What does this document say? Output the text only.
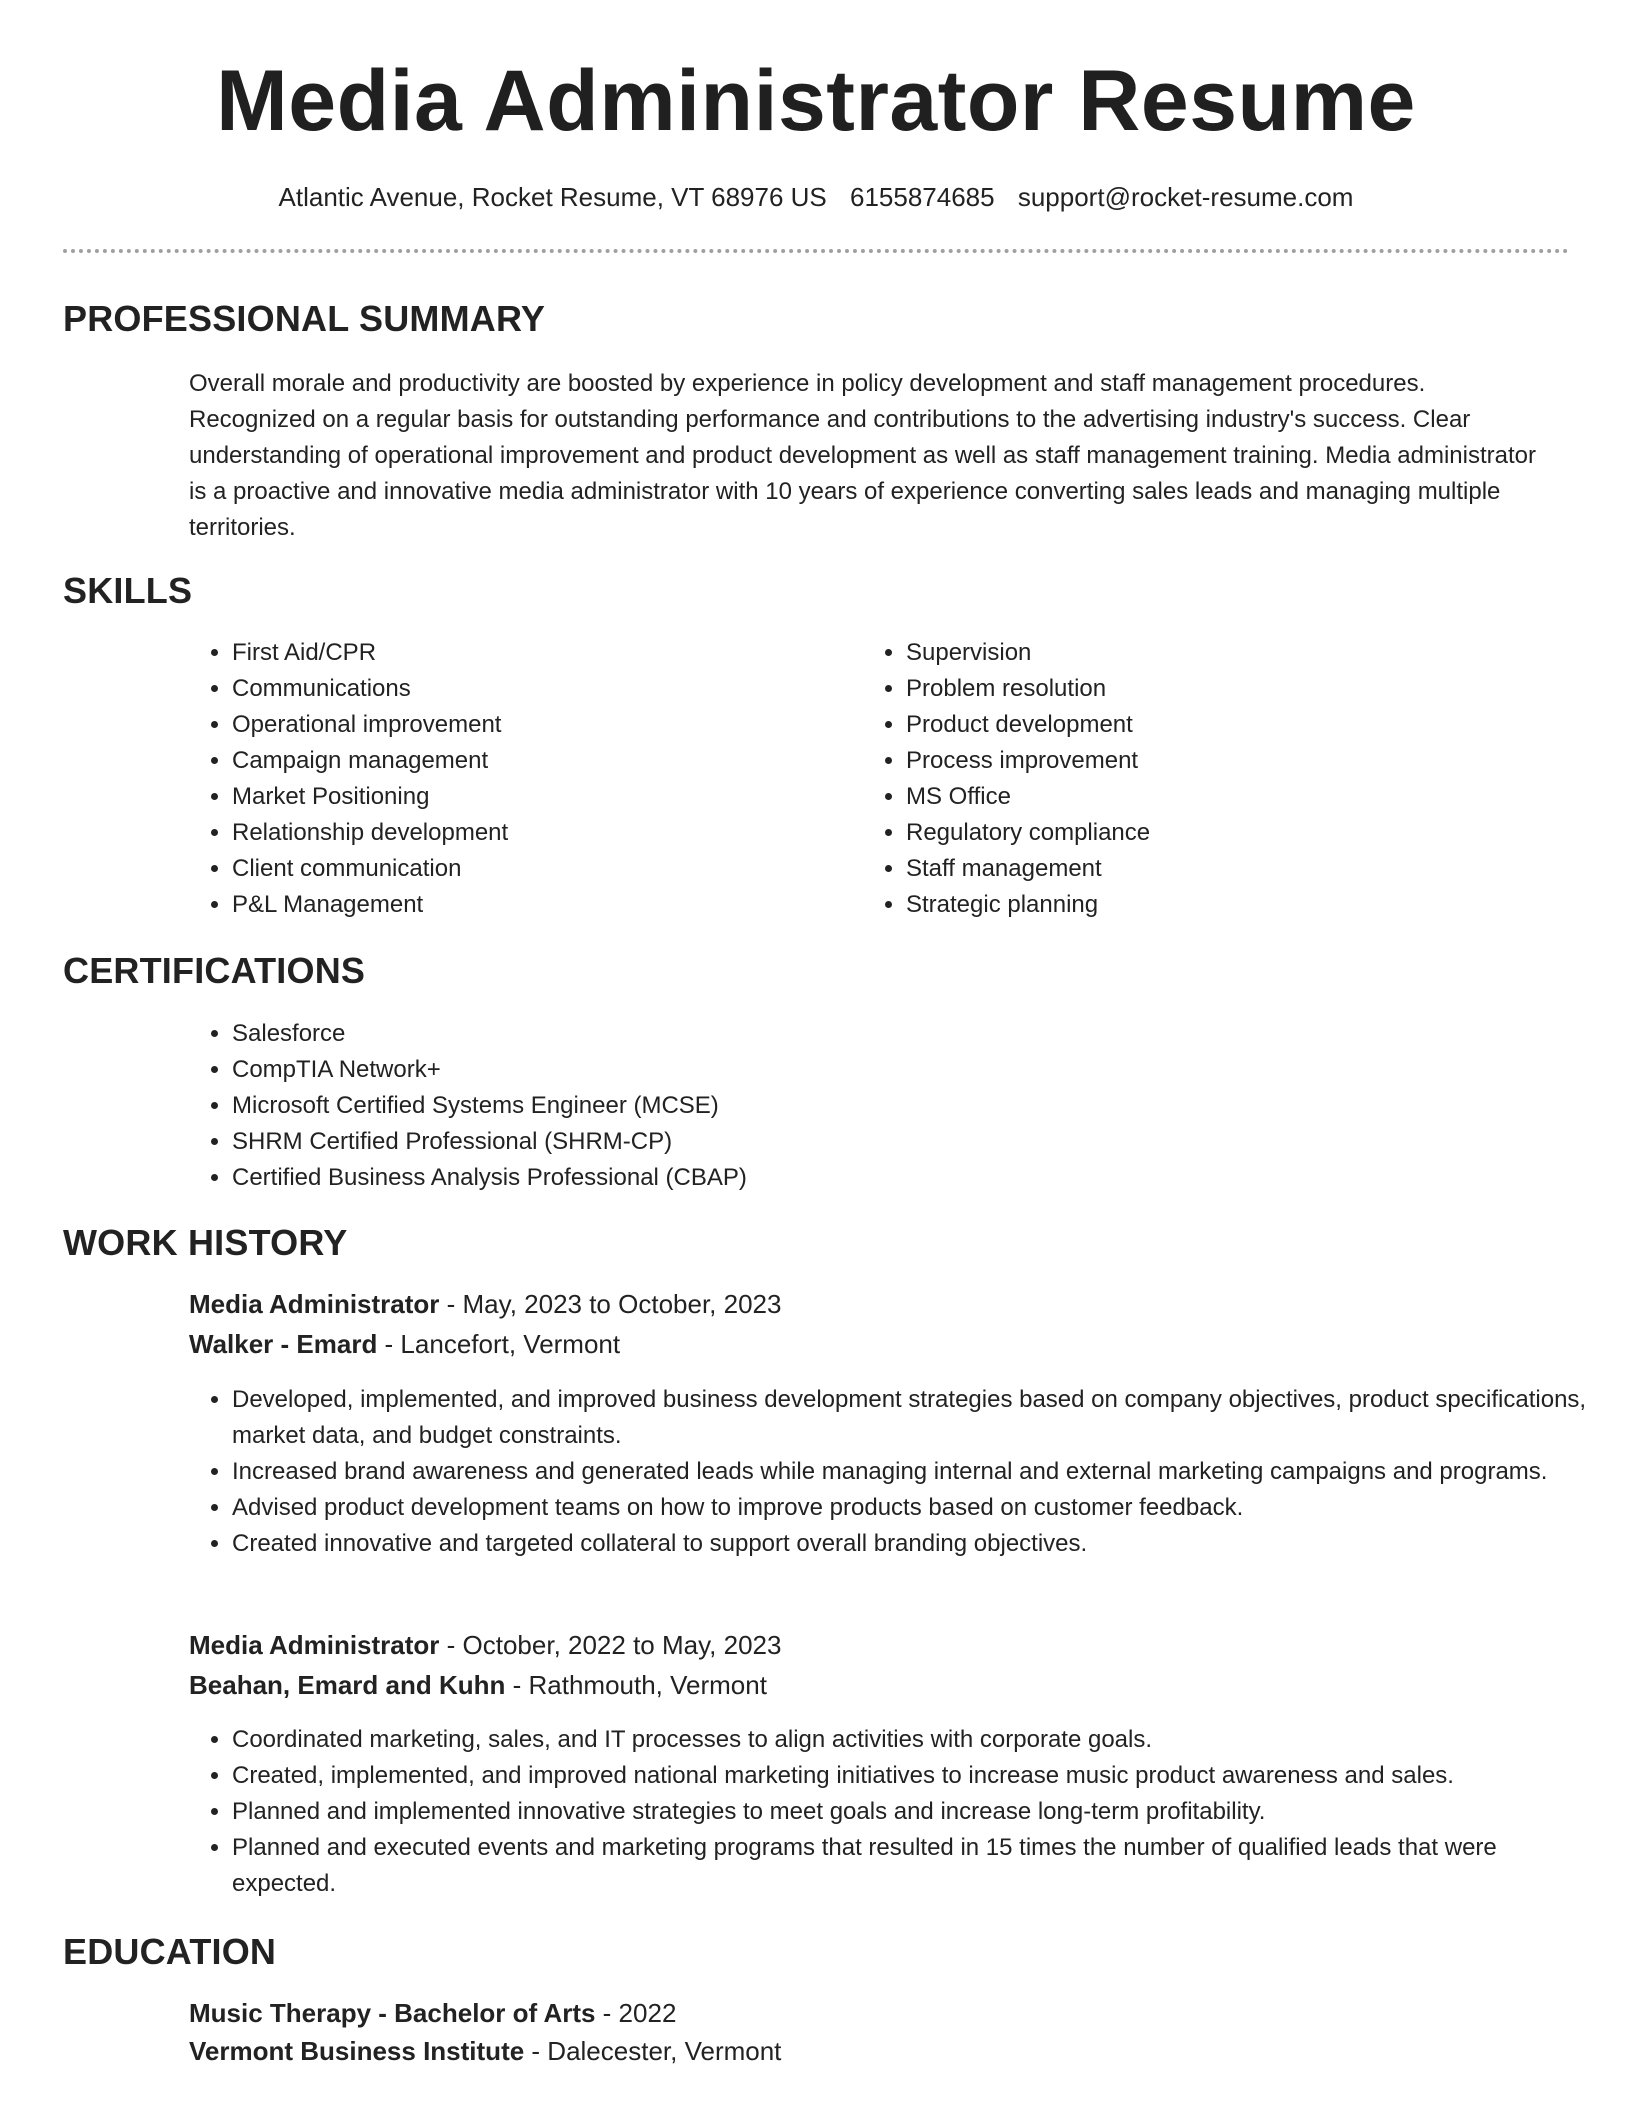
Media Administrator Resume
Atlantic Avenue, Rocket Resume, VT 68976 US 6155874685 support@rocket-resume.com
PROFESSIONAL SUMMARY

Overall morale and productivity are boosted by experience in policy development and staff management procedures. Recognized on a regular basis for outstanding performance and contributions to the advertising industry's success. Clear understanding of operational improvement and product development as well as staff management training. Media administrator is a proactive and innovative media administrator with 10 years of experience converting sales leads and managing multiple territories.

SKILLS
• First Aid/CPR
• Communications
• Operational improvement
• Campaign management
• Market Positioning
• Relationship development
• Client communication
• P&L Management
• Supervision
• Problem resolution
• Product development
• Process improvement
• MS Office
• Regulatory compliance
• Staff management
• Strategic planning
CERTIFICATIONS
• Salesforce
• CompTIA Network+
• Microsoft Certified Systems Engineer (MCSE)
• SHRM Certified Professional (SHRM-CP)
• Certified Business Analysis Professional (CBAP)
WORK HISTORY
Media Administrator - May, 2023 to October, 2023
Walker - Emard - Lancefort, Vermont
• Developed, implemented, and improved business development strategies based on company objectives, product specifications, market data, and budget constraints.
• Increased brand awareness and generated leads while managing internal and external marketing campaigns and programs.
• Advised product development teams on how to improve products based on customer feedback.
• Created innovative and targeted collateral to support overall branding objectives.
Media Administrator - October, 2022 to May, 2023
Beahan, Emard and Kuhn - Rathmouth, Vermont
• Coordinated marketing, sales, and IT processes to align activities with corporate goals.
• Created, implemented, and improved national marketing initiatives to increase music product awareness and sales.
• Planned and implemented innovative strategies to meet goals and increase long-term profitability.
• Planned and executed events and marketing programs that resulted in 15 times the number of qualified leads that were expected.
EDUCATION
Music Therapy - Bachelor of Arts - 2022
Vermont Business Institute - Dalecester, Vermont
